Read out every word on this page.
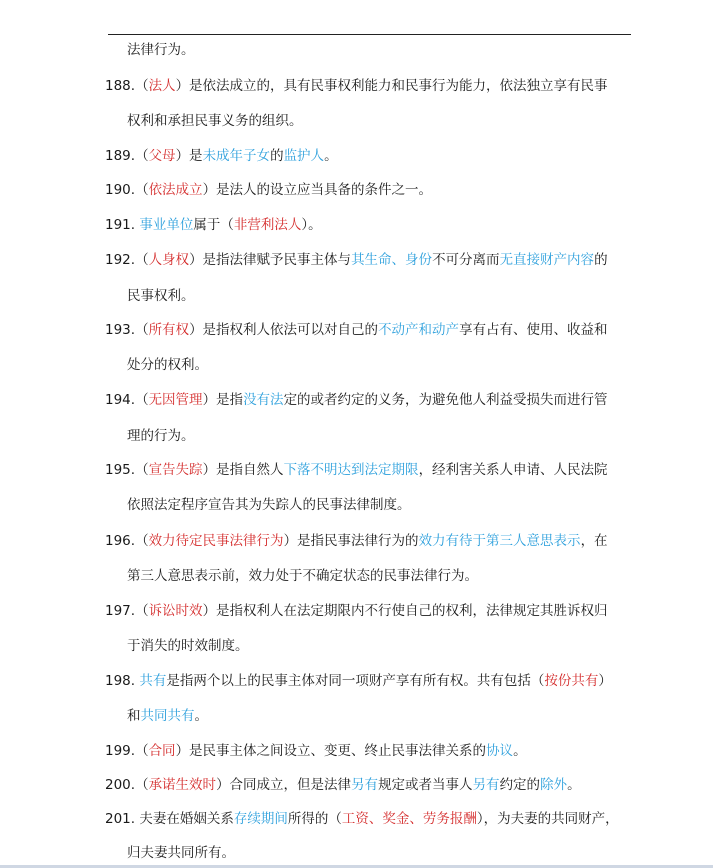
法律行为。
188.（法人）是依法成立的，具有民事权利能力和民事行为能力，依法独立享有民事
权利和承担民事义务的组织。
189.（父母）是未成年子女的监护人。
190.（依法成立）是法人的设立应当具备的条件之一。
191. 事业单位属于（非营利法人）。
192.（人身权）是指法律赋予民事主体与其生命、身份不可分离而无直接财产内容的
民事权利。
193.（所有权）是指权利人依法可以对自己的不动产和动产享有占有、使用、收益和
处分的权利。
194.（无因管理）是指没有法定的或者约定的义务，为避免他人利益受损失而进行管
理的行为。
195.（宣告失踪）是指自然人下落不明达到法定期限，经利害关系人申请、人民法院
依照法定程序宣告其为失踪人的民事法律制度。
196.（效力待定民事法律行为）是指民事法律行为的效力有待于第三人意思表示，在
第三人意思表示前，效力处于不确定状态的民事法律行为。
197.（诉讼时效）是指权利人在法定期限内不行使自己的权利，法律规定其胜诉权归
于消失的时效制度。
198. 共有是指两个以上的民事主体对同一项财产享有所有权。共有包括（按份共有）
和共同共有。
199.（合同）是民事主体之间设立、变更、终止民事法律关系的协议。
200.（承诺生效时）合同成立，但是法律另有规定或者当事人另有约定的除外。
201. 夫妻在婚姻关系存续期间所得的（工资、奖金、劳务报酬），为夫妻的共同财产，
归夫妻共同所有。
